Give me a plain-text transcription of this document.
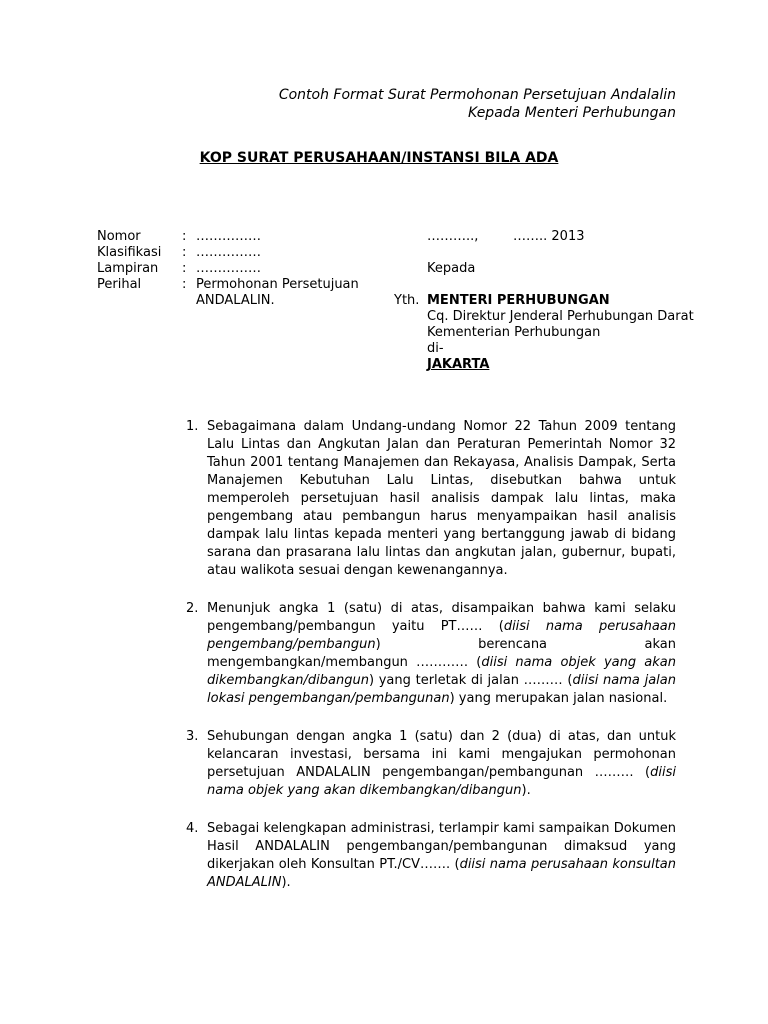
Contoh Format Surat Permohonan Persetujuan Andalalin
Kepada Menteri Perhubungan
KOP SURAT PERUSAHAAN/INSTANSI BILA ADA
Nomor	: ……………
Klasifikasi : ……………
Lampiran : ……………
Perihal	: Permohonan Persetujuan
ANDALALIN.
………..,	…….. 2013
Kepada
Yth. MENTERI PERHUBUNGAN
Cq. Direktur Jenderal Perhubungan Darat
Kementerian Perhubungan
di-
JAKARTA
1. Sebagaimana dalam Undang-undang Nomor 22 Tahun 2009 tentang Lalu Lintas dan Angkutan Jalan dan Peraturan Pemerintah Nomor 32 Tahun 2001 tentang Manajemen dan Rekayasa, Analisis Dampak, Serta Manajemen Kebutuhan Lalu Lintas, disebutkan bahwa untuk memperoleh persetujuan hasil analisis dampak lalu lintas, maka pengembang atau pembangun harus menyampaikan hasil analisis dampak lalu lintas kepada menteri yang bertanggung jawab di bidang sarana dan prasarana lalu lintas dan angkutan jalan, gubernur, bupati, atau walikota sesuai dengan kewenangannya.
2. Menunjuk angka 1 (satu) di atas, disampaikan bahwa kami selaku pengembang/pembangun yaitu PT…… (diisi nama perusahaan pengembang/pembangun) berencana akan mengembangkan/membangun ………… (diisi nama objek yang akan dikembangkan/dibangun) yang terletak di jalan ……… (diisi nama jalan lokasi pengembangan/pembangunan) yang merupakan jalan nasional.
3. Sehubungan dengan angka 1 (satu) dan 2 (dua) di atas, dan untuk kelancaran investasi, bersama ini kami mengajukan permohonan persetujuan ANDALALIN pengembangan/pembangunan ……… (diisi nama objek yang akan dikembangkan/dibangun).
4. Sebagai kelengkapan administrasi, terlampir kami sampaikan Dokumen Hasil ANDALALIN pengembangan/pembangunan dimaksud yang dikerjakan oleh Konsultan PT./CV……. (diisi nama perusahaan konsultan ANDALALIN).
